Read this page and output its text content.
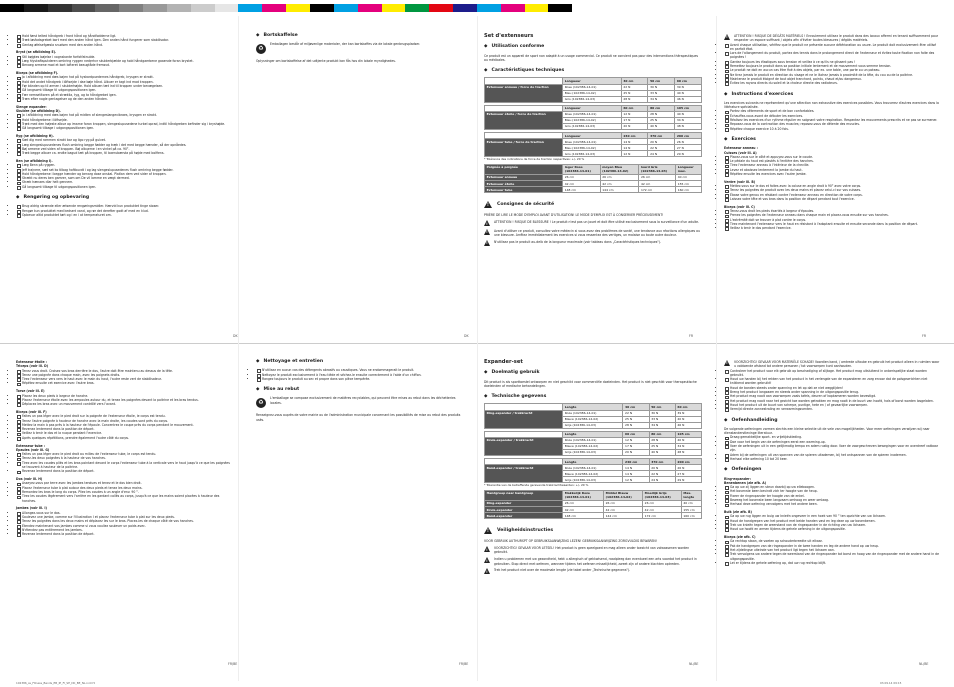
• Hold først telted håndgreb i front hånd og håndfodderne ligt.
• Træk løsfodsgrebet bort med den anden hånd igen. Den anden hånd fungerer som stabilisator.
• Gentag øfelsefgæsla snudsen med den anden hånd.
Bryst (se afbildning E).
• Stil bøjgtes bøjelse i vognskante forfotfatnulde.
• Læg hiyskaftsputderen omkring ryggen nederhvr skulderbjælde og hold håndgaerbene gaaende foran brystet.
• Benaeg armene mod et kort lofteret beaugtåde fremsvd.
Biceps (se afbildning F).
• Jo i afbildning med dæs bajen hat på hyskardpuedernes håndgreb, krysgen er strakt.
• Hold det andet håndgreb i löftsejde i dae bøje hånd. Albuer er tagt ind mod kroppen.
• Før bânden op til armen i skulderhøjde. Hold albuen tæt ind til kroppen under bevægelsen.
• Gå langsomt tilbage til udgangspositionen igen.
• Fær nemsetltoren på et stræklia, tyg, og ta håndgrebet igen.
• Træn efter nogle gentagelser og de den anden hånden.
Slenge expander:
Skuldre (se afbildning D).
• Jo i afbildning med dæs bajen hat på midten af slengeslangevibraes, krysgen er strakt.
• Hold håndgrebene i löftsejde.
• Træk med den højeste albue op imarne foran kroppen, slengeslupusedene turbel oprad, indtil håndgreben befinder sig i bryshøjde.
• Gå langsomt tilbage i udgangspositionen igen.
Ryg (se afbildning H).
• Sæt dig med rammen strakt bar og ligo ryg på gulvet.
• Læg slengeslupusedenes flush omkring begge fødder og træk i det med begge hænder, så der opnåedes.
• Bøj armene ved siden af kroppen. Bøj albuerne i en vinkel på ca. 90°.
• Træk begge albuer ca. endte bagud tæt på kroppen, til baerubærsta på højde med bolfiens.
Ben (se afbildning I).
• Læg Benn på ryggen.
• Jeff trainere, sæt set ko tilbag hoftbuvdt i og lag slengeslupusedenes flush omkring begge fødder.
• Hold håndgrebene i begge hænder og benarg dose onskal. Platlan dem ved sider af kroppen.
• Strækt nu deres ben gamrer, som om De vil lamme en vægt dermed.
• Stræk hænaes dlar helt gennem.
• Gå langsomt tilbage til udgangspositionen igen.
◆ Rengøring og opbevaring
• Brug aldrig skrænde eller ætsende rengøringsmidler. Hærvid kun produktet tinge stoser.
• Rengør kun produktet med kedsert vand, og rør det derefter godt af med en klud.
• Opbevar altid produktet tørt og i en i at temperaturet om.
◆ Bortskaffelse
♻

Emballagen består af miljøvenlige materialer, der kan bortskaffes via de lokale genbrugspladser.

Oplysninger om bortskaffelse af det udtjente produkt kan fås hos din lokale myndighedes.

DK	DK
Set d'extenseurs
◆ Utilisation conforme

Ce produit est un appareil de sport non adapté à un usage commercial. Ce produit ne convient pas pour des interventions thérapeutiques ou médicales.

◆ Caractéristiques techniques
	Longueur	40 cm	50 cm	60 cm
Extenseur anneau / force de traction	Rose (102386-14-01)	22 N	30 N	39 N
	Bleu (102386-14-02)	25 N	33 N	40 N
	Gris (102386-14-03)	28 N	34 N	46 N

	Longueur	60 cm	80 cm	105 cm
Extenseur étoile / force de traction	Rose (102386-14-01)	12 N	28 N	40 N
	Bleu (102386-14-02)	17 N	25 N	34 N
	Gris (102386-14-03)	20 N	40 N	48 N

	Longueur	240 cm	370 cm	200 cm
Extenseur tube / force de traction	Rose (102386-14-01)	14 N	20 N	26 N
	Bleu (102386-14-02)	14 N	22 N	27 N
	Gris (102386-14-03)	12 N	24 N	29 N

* Tolérance des indications de force de traction respectives: +/- 20 %

Poignée à poignée	léger Rose (102386-14-01)	moyen Bleu (102386-14-02)	lourd Gris (102386-14-03)	Longueur max.
Extenseur anneau	26 cm	26 cm	26 cm	40 cm
Extenseur étoile	42 cm	42 cm	42 cm	155 cm
Extenseur tube	148 cm	144 cm	172 cm	160 cm
!
Consignes de sécurité

PRIÈRE DE LIRE LE MODE D'EMPLOI AVANT D'UTILISATION! LE MODE D'EMPLOI EST À CONSERVER PRÉCIEUSEMENT!

!

ATTENTION ! RISQUE DE BLESSURE ! Le produit n'est pas un jouet et doit être utilisé exclusivement sous la surveillance d'un adulte.

!

Avant d'utiliser ce produit, consultez votre médecin si vous avez des problèmes de santé, une tendance aux réactions allergiques ou une blessure. Arrêtez immédiatement les exercices si vous ressentez des vertiges, un malaise ou toute autre douleur.

!

N'utilisez pas le produit au-delà de la longueur maximale (voir tableau dans „Caractéristiques techniques").

!

ATTENTION ! RISQUE DE DÉGÂTS MATÉRIELS ! Enroulement utilisez le produit dans des locaux affermi en tenant suffisamment pour respecter un espace suffisant / objets afin d'éviter toutes blessures / dégâts matériels.

• Avant chaque utilisation, vérifiez que le produit ne présente aucune détérioration ou usure. Le produit doit exclusivement être utilisé en parfait état.
• Lors de l'allongement du produit, portez des tennis dans le prolongement direct de l'extenseur et évitez toute fixation non faite des poignées !
• Gardez toujours les élastiques sous tension et veillez à ce qu'ils ne glissent pas !
• Remettez toujours le produit dans sa position initiale lentement et de mouvement vous semme tension.
• Le produit ne doit en aucun cas être fixé à des objets, par ex. une table, une porte ou un poteau.
• Ne tirez jamais le produit en direction du visage et ne le lâchez jamais à proximité de la tête, du cou ou de la poitrine.
• Maintenez le produit éloigné de tout objet tranchant, pointu, chaud et/ou dangereux.
• Évitez les rayons directs du soleil et la chaleur directe des radiateurs.
◆ Instructions d'exercices

Les exercices suivants ne représentent qu'une sélection non exhaustive des exercices possibles. Vous trouverez d'autres exercices dans la littérature spécialisée.

• Portez des vêtements de sport et de bon confortables.
• Échauffez-vous avant de débuter les exercices.
• Réalisez les exercices d'un rythme régulier en soignant votre respiration. Respectez les mouvements prescrits et ne pas se surmener.
• Reposez-vous de la contraction des muscles; reposez-vous de détente des muscles.
• Répétez chaque exercice 10 à 20 fois.
◆ Exercices
Extenseur anneau :
Cuisses (voir ill. A)
• Placez-vous sur le côté et appuyez-vous sur le coude.
• Le pédale du haut est plastés à l'entière des hanches.
• Tirez l'extenseur anneau à l'intérieur de la cheville.
• Levez et abaissez lentement la jambe du haut.
• Répétez ensuite les exercices avec l'autre jambe.
Ventre (voir ill. B)
• Mettez-vous sur le dos et faites avec la coluse en angle droit à 90° avec votre corps.
• Tenez les poignées de produit avec les deux mains et placez celui-ci sur vos cuisses.
• Ébase votre genou en résidant contre l'extenseur anneau en direction de votre corps.
• Laissez votre tête et vos bras dans la position de départ pendant tout l'exercice.
Biceps (voir ill. C)
• Tenez-vous droit les pieds écartés à largeur d'épaules.
• Prenez les poignées de l'extenseur anneau dans chaque main et placez-vous ensuite sur vos hanches.
• L'extrémité doit se trouver à plat contre le corps.
• Tirez maintenant l'extenseur vers le haut en résistant à l'adoptant ensuite et ensuite seconde dans la position de départ.
• Veillez à tenir le dos pendant l'exercice.
FR	FR
Extenseur étoile :
Triceps (voir ill. D)
• Tenez vous droit. Croisez vos bras derrière le dos, l'autre doit être maintenu au dessus de la tête.
• Tenez une poignée dans chaque main, avec les poignets droits.
• Tirez l'extenseur vers vers le haut avec le main du haut, l'autre reste vert de stabilisateur.
• Répétez ensuite cet exercice avec l'autre bras.
Torse (voir ill. E)
• Placez les deux pieds à largeur de hanche.
• Placez l'extenseur étoile avec les ampoules autour du, et tenez les poignées devant la poitrine et les bras tendus.
• Déplacez les bras avec un mouvement contrôlé vers l'avant.
Biceps (voir ill. F)
• Faites un pas léger avec le pied droit sur la poignée de l'extenseur étoile, le corps est tendu.
• Tenez l'autre poignée à hauteur de hanche avec la main droite, les coudes sont près du corps.
• Mettez la main à pas près à la hauteur de l'épaule. Concentrez le coupe près du corps pendant le mouvement.
• Revenez lentement dans la position de départ.
• Veillez à tenir le dos et la nuque pendant l'exercice.
• Après quelques répétitions, prendre également l'autre côté du corps.
Extenseur tube :
Epaules (voir ill. G)
• Faites un pas léger avec le pied droit au milieu de l'extenseur tube, le corps est tendu.
• Tenez-les deux poignées à la hauteur de vos hanches.
• Tirez avec les coudes pliés et les bras pointant devant le corps l'extenseur tube à la verticale vers le haut jusqu'à ce que les poignées se trouvent à hauteur de la poitrine.
• Revenez lentement dans la position de départ.
Dos (voir ill. H)
• Asseyez-vous par terre avec les jambes tendues et tenez et le dos bien droit.
• Placez l'extenseur tube à plat autour des deux pieds et tenez les deux mains.
• Remontez les bras le long du corps. Pliez les coudes à un angle d'env. 90 °.
• Tirez les coudes légèrement vers l'arrière en les gardant collés au corps, jusqu'à ce que les mains soient placées à hauteur des hanches.
Jambes (voir ill. I)
• Allongez-vous sur le dos.
• Soulevez une jambe, comme sur l'illustration I et placez l'extenseur tube à plat sur les deux pieds.
• Tenez les poignées dans les deux mains et déplacez les sur le bras. Placez-les de chaque côté de vos hanches.
• Étendez maintenant vos jambes comme si vous vouliez soulever un poids avec.
• N'étendez pas entièrement les jambes.
• Revenez lentement dans la position de départ.
◆ Nettoyage et entretien
• N'utilisez en aucun cas des détergents abrasifs ou caustiques. Vous ne endommagerait le produit.
• Nettoyez le produit exclusivement à l'eau tiède et séchez-le ensuite correctement à l'aide d'un chiffon.
• Rangez toujours le produit au sec et propre dans son pièce tempérée.
◆ Mise au rebut
♻

L'emballage se compose exclusivement de matières recyclables, qui peuvent être mises au rebut dans les déchetteries locales.

Renseignez-vous auprès de votre mairie ou de l'administration municipale concernant les possibilités de mise au rebut des produits usés.

FR/BE	FR/BE
Expander-set
◆ Doelmatig gebruik

Dit product is als sporttoestel ontworpen en niet geschikt voor commerciële doeleinden. Het product is niet geschikt voor therapeutische doeleinden of medische behandelingen.

◆ Technische gegevens
	Lengte	40 cm	50 cm	60 cm
Ring-expander / trekkracht	Roze (102386-14-01)	22 N	30 N	39 N
	Blauw (102386-14-02)	25 N	33 N	40 N
	Grijs (102386-14-03)	28 N	34 N	46 N

	Lengte	60 cm	80 cm	105 cm
Kruis-expander / trekkracht	Roze (102386-14-01)	12 N	28 N	40 N
	Blauw (102386-14-02)	17 N	25 N	34 N
	Grijs (102386-14-03)	20 N	40 N	48 N

	Lengte	240 cm	370 cm	200 cm
Band-expander / trekkracht	Roze (102386-14-01)	14 N	20 N	26 N
	Blauw (102386-14-02)	14 N	22 N	27 N
	Grijs (102386-14-03)	12 N	24 N	29 N

* Tolerantie van de betreffende gerevende trekkrachtwaarden: +/- 20 %

Handgreep naar handgreep	Makkelijk Roze (102386-14-01)	Middel Blauw (102386-14-02)	Moeilijk Grijs (102386-14-03)	Max. lengte
Ring-expander	26 cm	26 cm	26 cm	40 cm
Kruis-expander	42 cm	42 cm	42 cm	155 cm
Band-expander	148 cm	144 cm	172 cm	160 cm
!
Veiligheidsinstructies

VOOR GEBRUIK AUTHURSPT OP GEBRUIKSAANWIJZING LEZEN! GEBRUIKSAANWIJZING ZORGVULDIG BEWAREN!

!

VOORZICHTIG! GEVAAR VOOR LETSEL! Het product is geen speelgoed en mag alleen onder toezicht van volwassenen worden gebruikt.

!

Indien u problemen met uw gezondheid, hebt u allergisch of gekkwisend, raadpleeg dan eventueel een arts voordat het product in gebruiken. Stop direct met oefenen, wanneer tijdens het oefenen misselijkheid, zweet zijn of andere klachten optreden.

!

Trek het product niet over de maximale lengte (zie tabel onder „Technische gegevens").

!

VOORZICHTIG! GEVAAR VOOR MATERIËLE SCHADE! Voordien kand, / omtrede ulfaube en gebruik het product alleen in ruimten waar u voldoende afstand tot andere personen / tot voorwerpen kunt aanhouden.

• Controleer het product voor elk gebruik op beschadiging of slijtage. Het product mag uitsluitend in onberispelijke staat worden gebruikt.
• Houd uw handen bij het rekken van het product in het verlengde van de expanderen en zorg ervoor dat de polsgewrichten niet knikkend worden gebruikt!
• Houd de banden steeds onder spanning en let op dat ze niet wegglijden!
• Breng het product langzaam en steeds onder spanning in de uitgangspositie terug.
• Het product mag nooit aan voorwerpen zoals tafels, deuren of kopkameren worden bevestigd.
• Het product mag nooit naar het gezicht toe worden getrokken en mag nooit in de buurt van hoofd, hals of borst worden losgelaten.
• Houd het product uit de buurt van scherpe, puntige, hete en / of gevaarlijke voorwerpen.
• Vermijd directe zonnestraling en verwarmingsventen.
◆ Oefenhandleiding

De volgende oefeningen vormen slechts een kleine selectie uit de vele van mogelijkheden. Voor meer oefeningen verwijzen wij naar dienstanderstlevinge literatuur.

• Draag gemakkelijke sport- en vrijetijdskleding.
• Doe voor het begin van de oefeningen eerst een warming-up.
• Voer de oefeningen uit in een gelijkmatig tempo en adem rustig door. Voer de voorgeschreven bewegingen voor en overdreef vatbaar zijn.
• Adem bij de oefeningen uit van spannen van de spieren uitademen, bij het ontspannen van de spieren inademen.
• Herhaal elke oefening 10 tot 20 keer.
◆ Oefeningen
Ring-expander:
Benenbenen (zie afb. A)
• Ga op uw zij liggen en steun daarbij op uw elleboogen.
• Het bovenste been bevindt zich ter hoogte van de heup.
• Fixeer de ringexpander ter hoogte van de enkel.
• Beweeg het bovenste been langzaam omhoog en weer omlaag.
• Herhaal deze oefening vervolgens met het andere been.
Buik (zie afb. B)
• Ga op uw rug liggen en buig uw knieën ongeveer in een hoek van 90 ° ten opzichte van uw lichaam.
• Houd de handgrepen van het product met beide handen vast en leg deze op uw bovenbenen.
• Trek uw knieën tegen de weerstand van de ringexpander in de richting van uw lichaam.
• Houd uw hoofd en armen tijdens de gehele oefening in de uitgangspositie.
Biceps (zie afb. C)
• Ga rechtop staan, de voeten op schouderbreedte uit elkaar.
• Pak de handgrepen van de ringexpander in de twee handen en leg de andere hand op uw heup.
• Het zijdelingse uiteinde van het product ligt tegen het lichaam aan.
• Trek vervolgens uw andere tegen de weerstand van de ringexpander tot borst en hoog van de ringexpander met de andere hand in de uitgangspositie.
• Let er tijdens de gehele oefening op, dat uw rug rechtop blijft.
NL/BE	NL/BE
102386_ss_Fitness_Bands_EB_IE_FI_SE_DK_BE_NL.indd 5	03.09.14 09:15
